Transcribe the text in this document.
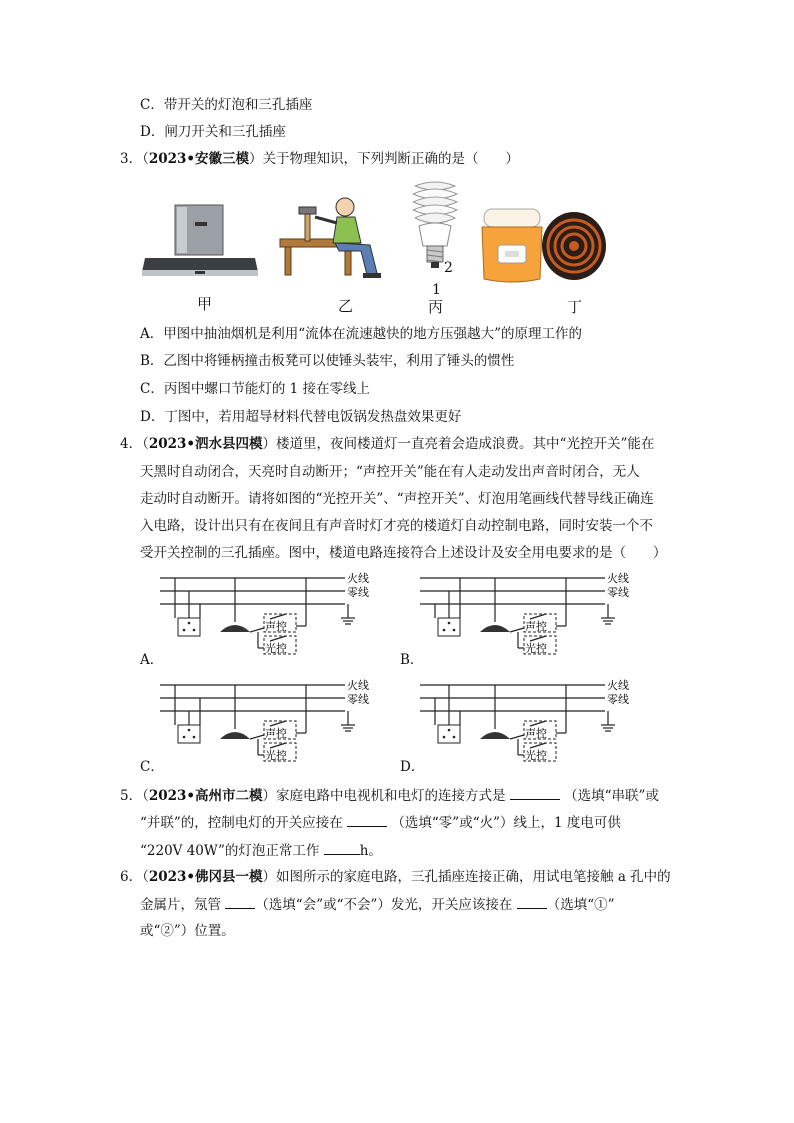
C．带开关的灯泡和三孔插座
D．闸刀开关和三孔插座
3．（2023•安徽三模）关于物理知识，下列判断正确的是（　　）
甲	乙
2
1
丙	丁
A．甲图中抽油烟机是利用“流体在流速越快的地方压强越大”的原理工作的
B．乙图中将锤柄撞击板凳可以使锤头装牢，利用了锤头的惯性
C．丙图中螺口节能灯的 1 接在零线上
D．丁图中，若用超导材料代替电饭锅发热盘效果更好
4．（2023•泗水县四模）楼道里，夜间楼道灯一直亮着会造成浪费。其中“光控开关”能在
天黑时自动闭合，天亮时自动断开；“声控开关”能在有人走动发出声音时闭合，无人
走动时自动断开。请将如图的“光控开关”、“声控开关”、灯泡用笔画线代替导线正确连
入电路，设计出只有在夜间且有声音时灯才亮的楼道灯自动控制电路，同时安装一个不
受开关控制的三孔插座。图中，楼道电路连接符合上述设计及安全用电要求的是（　　）
火线
零线
声控
光控
火线
零线
声控
光控
火线
零线
声控
光控
火线
零线
声控
光控
5．（2023•高州市二模）家庭电路中电视机和电灯的连接方式是	（选填“串联”或
“并联”的，控制电灯的开关应接在	（选填“零”或“火”）线上，1 度电可供
“220V 40W”的灯泡正常工作	h。
6．（2023•佛冈县一模）如图所示的家庭电路，三孔插座连接正确，用试电笔接触 a 孔中的
金属片，氖管	（选填“会”或“不会”）发光，开关应该接在	（选填“①”
或“②”）位置。
A．	B．
C．	D．
